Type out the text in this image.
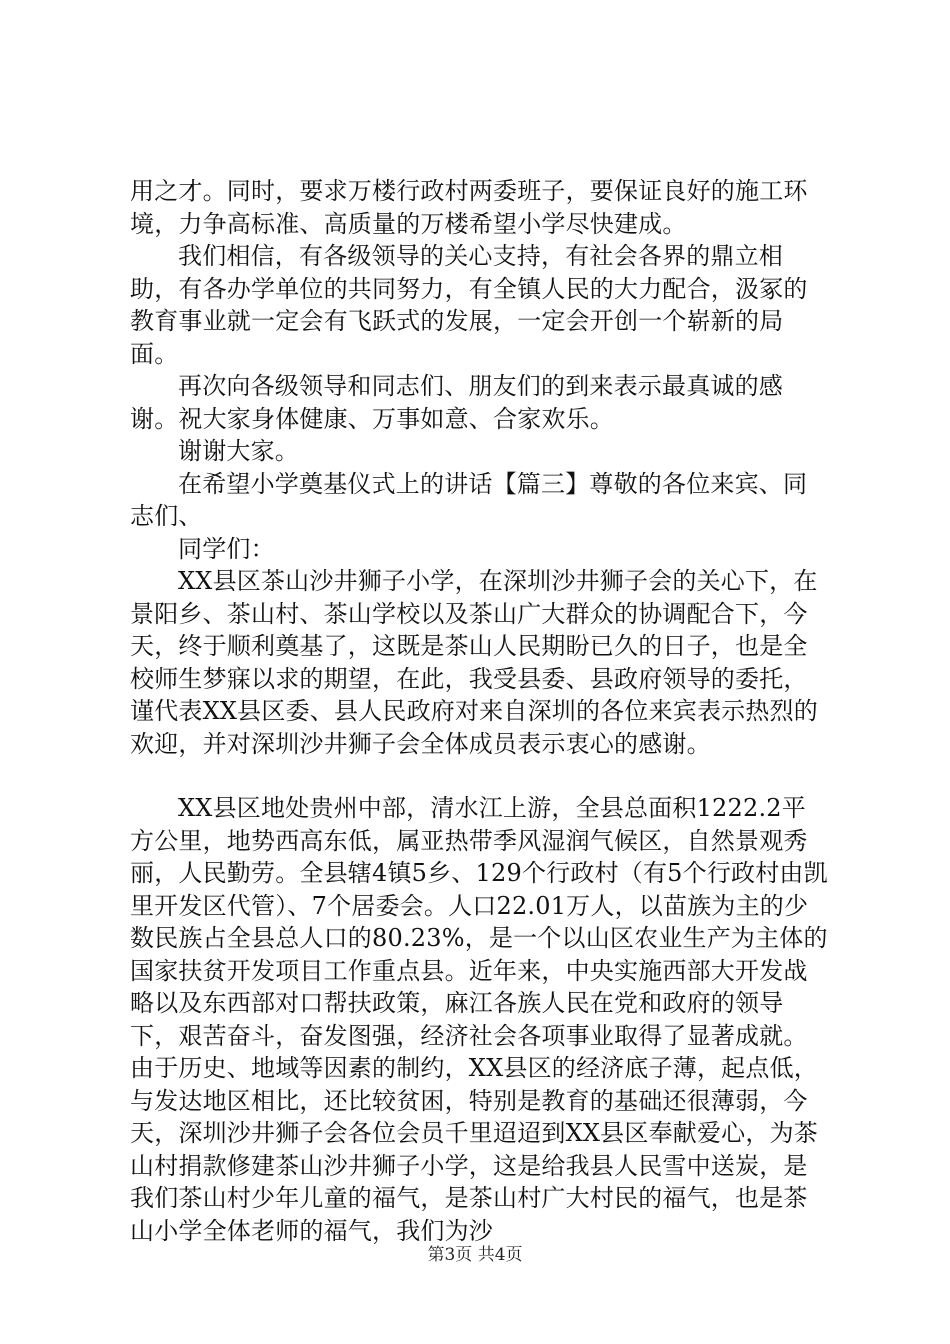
用之才。同时，要求万楼行政村两委班子，要保证良好的施工环境，力争高标准、高质量的万楼希望小学尽快建成。

我们相信，有各级领导的关心支持，有社会各界的鼎立相助，有各办学单位的共同努力，有全镇人民的大力配合，汲冢的教育事业就一定会有飞跃式的发展，一定会开创一个崭新的局面。

再次向各级领导和同志们、朋友们的到来表示最真诚的感谢。祝大家身体健康、万事如意、合家欢乐。

谢谢大家。

在希望小学奠基仪式上的讲话【篇三】尊敬的各位来宾、同志们、

同学们：

XX县区茶山沙井狮子小学，在深圳沙井狮子会的关心下，在景阳乡、茶山村、茶山学校以及茶山广大群众的协调配合下，今天，终于顺利奠基了，这既是茶山人民期盼已久的日子，也是全校师生梦寐以求的期望，在此，我受县委、县政府领导的委托，谨代表XX县区委、县人民政府对来自深圳的各位来宾表示热烈的欢迎，并对深圳沙井狮子会全体成员表示衷心的感谢。

XX县区地处贵州中部，清水江上游，全县总面积1222.2平方公里，地势西高东低，属亚热带季风湿润气候区，自然景观秀丽，人民勤劳。全县辖4镇5乡、129个行政村（有5个行政村由凯里开发区代管）、7个居委会。人口22.01万人，以苗族为主的少数民族占全县总人口的80.23%，是一个以山区农业生产为主体的国家扶贫开发项目工作重点县。近年来，中央实施西部大开发战略以及东西部对口帮扶政策，麻江各族人民在党和政府的领导下，艰苦奋斗，奋发图强，经济社会各项事业取得了显著成就。由于历史、地域等因素的制约，XX县区的经济底子薄，起点低，与发达地区相比，还比较贫困，特别是教育的基础还很薄弱，今天，深圳沙井狮子会各位会员千里迢迢到XX县区奉献爱心，为茶山村捐款修建茶山沙井狮子小学，这是给我县人民雪中送炭，是我们茶山村少年儿童的福气，是茶山村广大村民的福气，也是茶山小学全体老师的福气，我们为沙

第3页 共4页
